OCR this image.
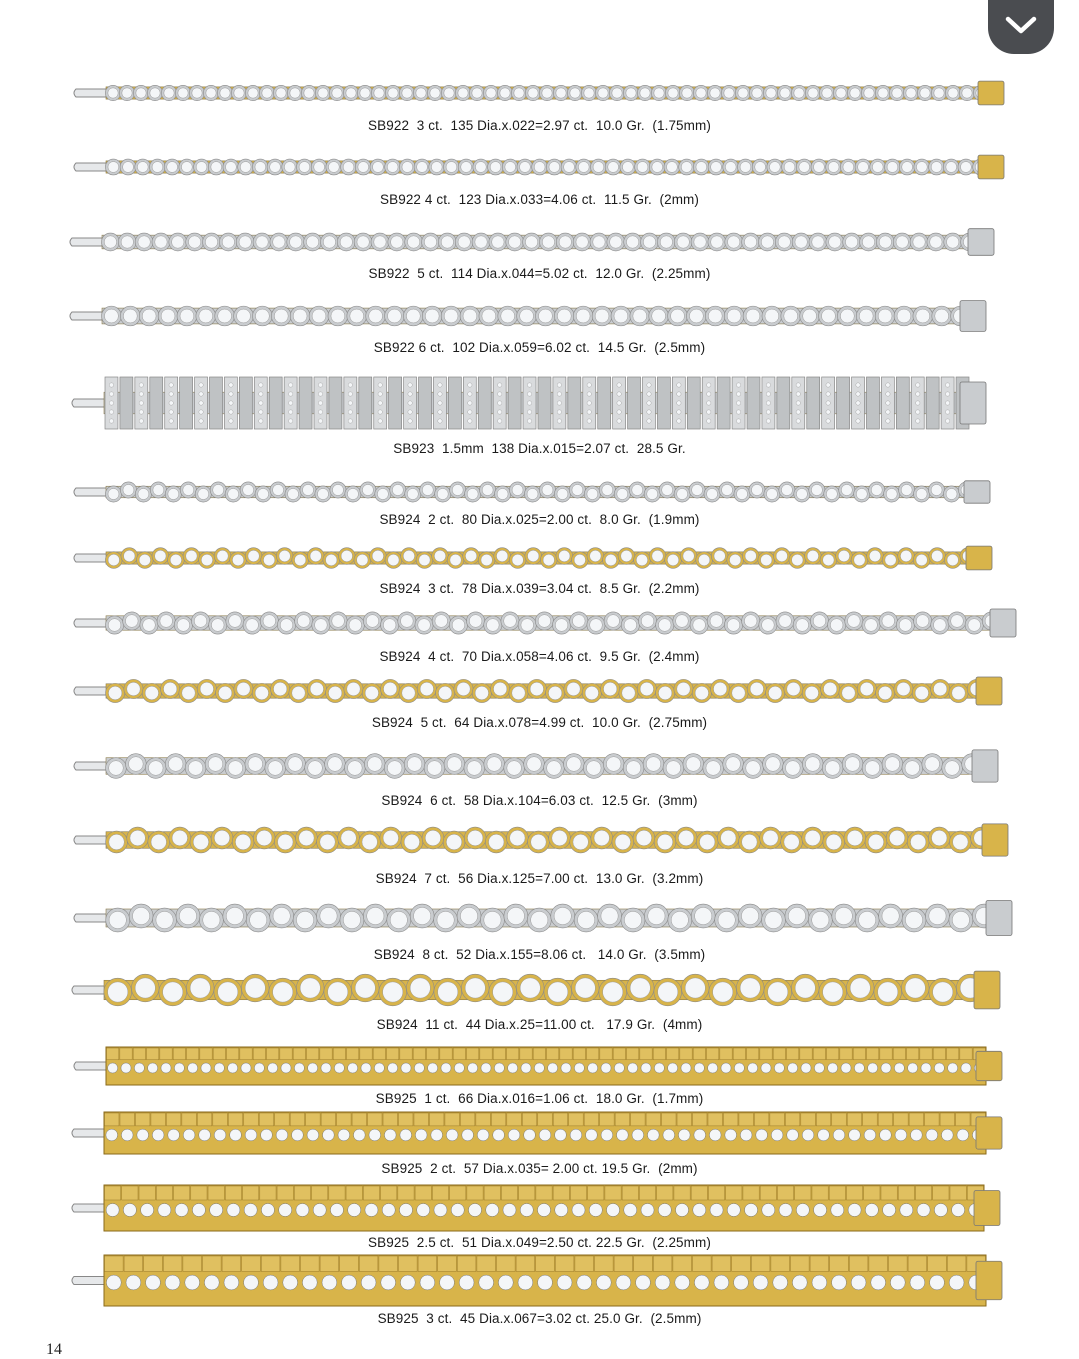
SB922  3 ct.  135 Dia.x.022=2.97 ct.  10.0 Gr.  (1.75mm)
SB922 4 ct.  123 Dia.x.033=4.06 ct.  11.5 Gr.  (2mm)
SB922  5 ct.  114 Dia.x.044=5.02 ct.  12.0 Gr.  (2.25mm)
SB922 6 ct.  102 Dia.x.059=6.02 ct.  14.5 Gr.  (2.5mm)
SB923  1.5mm  138 Dia.x.015=2.07 ct.  28.5 Gr.
SB924  2 ct.  80 Dia.x.025=2.00 ct.  8.0 Gr.  (1.9mm)
SB924  3 ct.  78 Dia.x.039=3.04 ct.  8.5 Gr.  (2.2mm)
SB924  4 ct.  70 Dia.x.058=4.06 ct.  9.5 Gr.  (2.4mm)
SB924  5 ct.  64 Dia.x.078=4.99 ct.  10.0 Gr.  (2.75mm)
SB924  6 ct.  58 Dia.x.104=6.03 ct.  12.5 Gr.  (3mm)
SB924  7 ct.  56 Dia.x.125=7.00 ct.  13.0 Gr.  (3.2mm)
SB924  8 ct.  52 Dia.x.155=8.06 ct.   14.0 Gr.  (3.5mm)
SB924  11 ct.  44 Dia.x.25=11.00 ct.   17.9 Gr.  (4mm)
SB925  1 ct.  66 Dia.x.016=1.06 ct.  18.0 Gr.  (1.7mm)
SB925  2 ct.  57 Dia.x.035= 2.00 ct. 19.5 Gr.  (2mm)
SB925  2.5 ct.  51 Dia.x.049=2.50 ct. 22.5 Gr.  (2.25mm)
SB925  3 ct.  45 Dia.x.067=3.02 ct. 25.0 Gr.  (2.5mm)
14
